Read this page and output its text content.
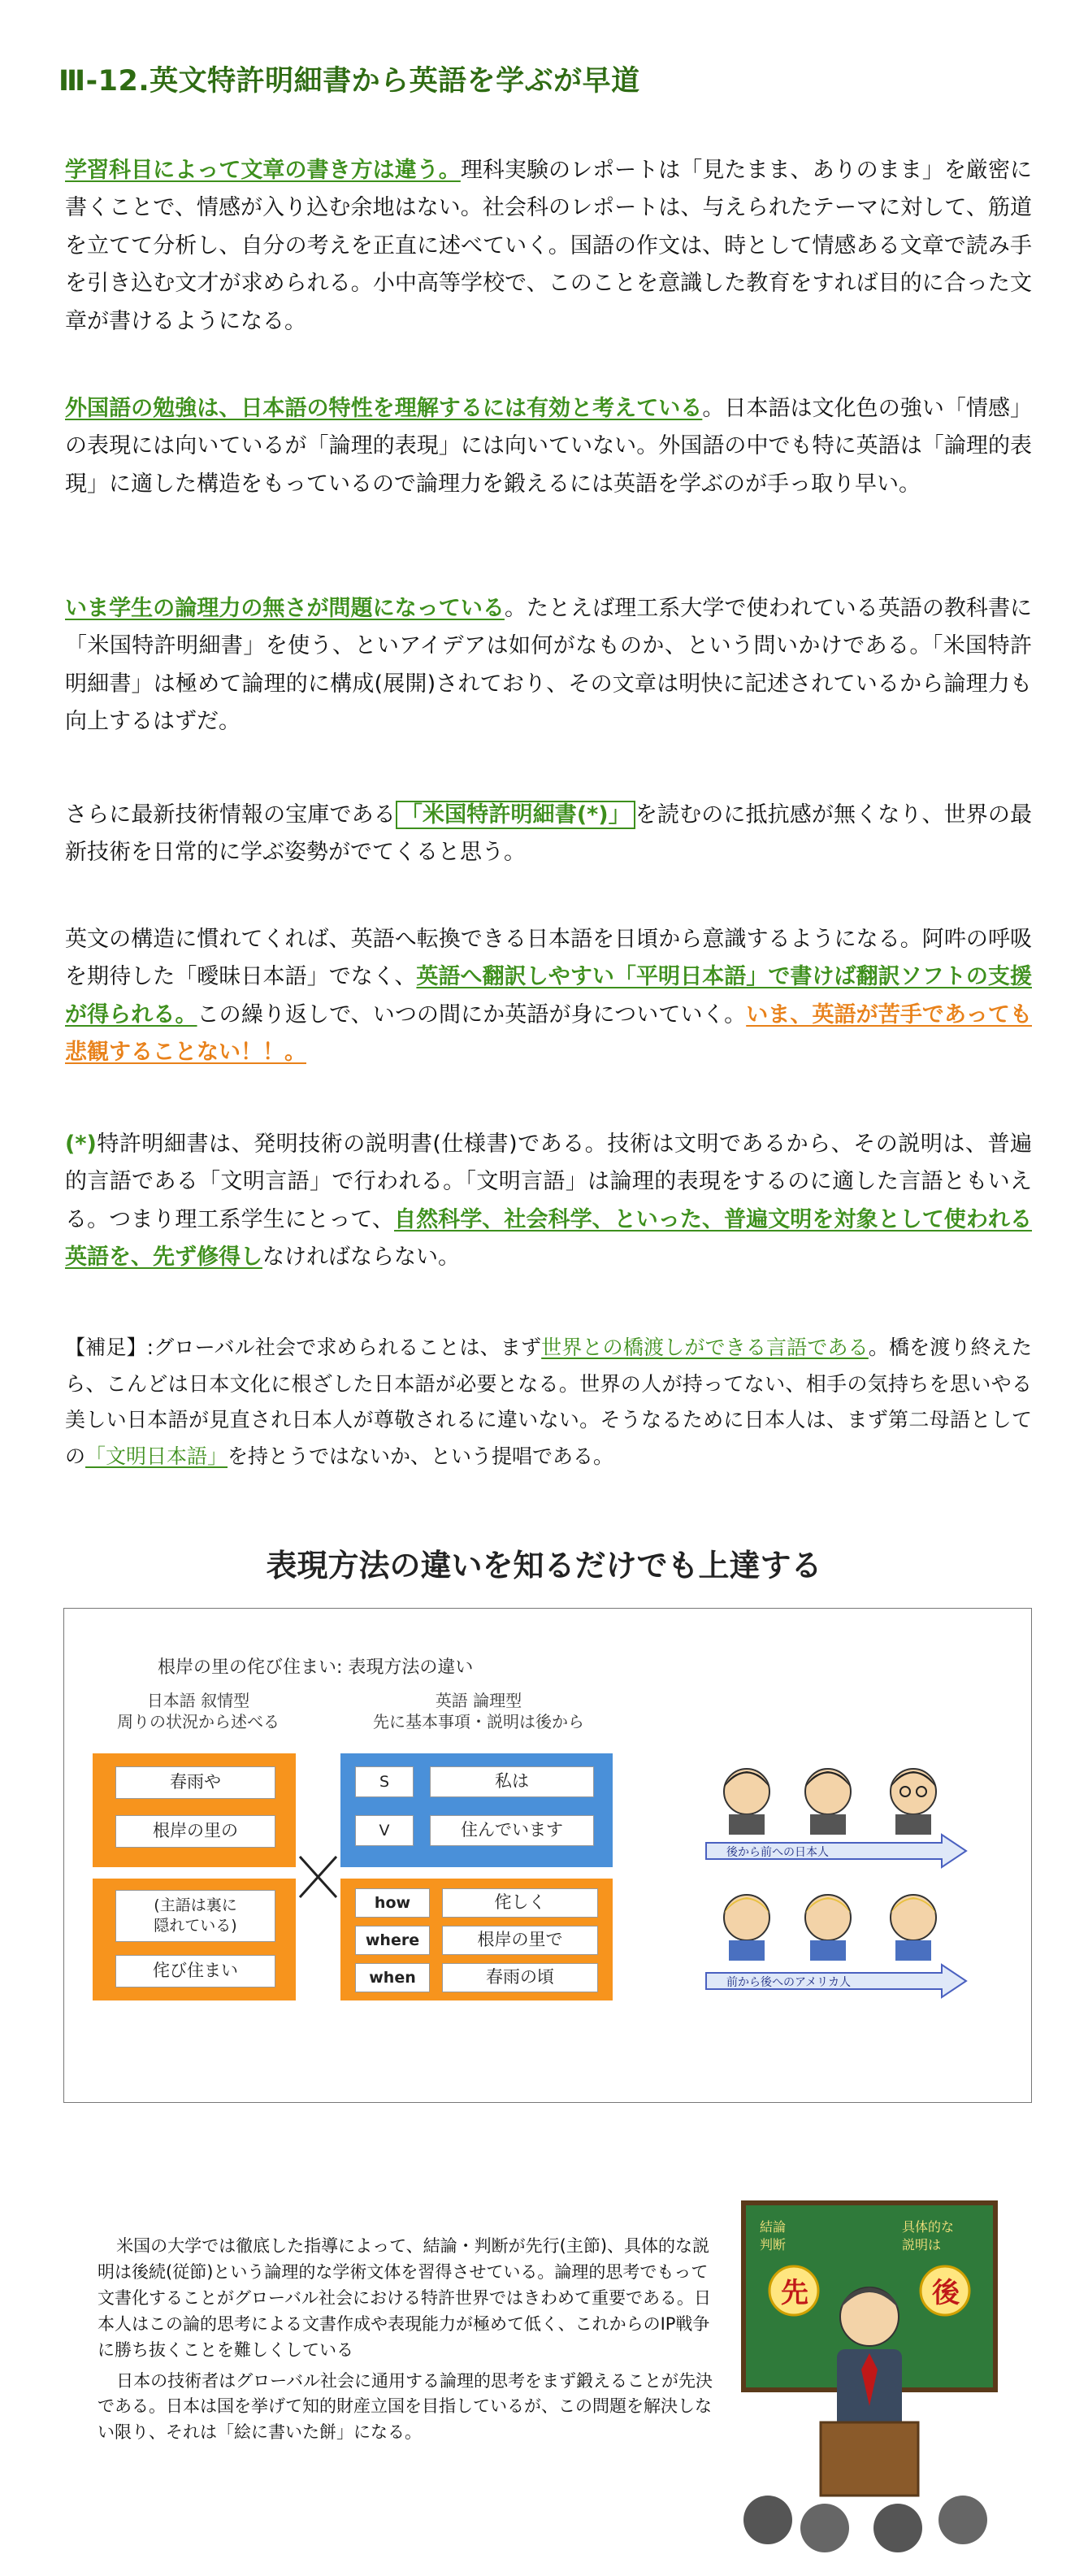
Ⅲ-12.英文特許明細書から英語を学ぶが早道

学習科目によって文章の書き方は違う。理科実験のレポートは「見たまま、ありのまま」を厳密に書くことで、情感が入り込む余地はない。社会科のレポートは、与えられたテーマに対して、筋道を立てて分析し、自分の考えを正直に述べていく。国語の作文は、時として情感ある文章で読み手を引き込む文才が求められる。小中高等学校で、このことを意識した教育をすれば目的に合った文章が書けるようになる。

外国語の勉強は、日本語の特性を理解するには有効と考えている。日本語は文化色の強い「情感」の表現には向いているが「論理的表現」には向いていない。外国語の中でも特に英語は「論理的表現」に適した構造をもっているので論理力を鍛えるには英語を学ぶのが手っ取り早い。

いま学生の論理力の無さが問題になっている。たとえば理工系大学で使われている英語の教科書に「米国特許明細書」を使う、といアイデアは如何がなものか、という問いかけである。「米国特許明細書」は極めて論理的に構成(展開)されており、その文章は明快に記述されているから論理力も向上するはずだ。

さらに最新技術情報の宝庫である 「米国特許明細書(*)」 を読むのに抵抗感が無くなり、世界の最新技術を日常的に学ぶ姿勢がでてくると思う。

英文の構造に慣れてくれば、英語へ転換できる日本語を日頃から意識するようになる。阿吽の呼吸を期待した「曖昧日本語」でなく、英語へ翻訳しやすい「平明日本語」で書けば翻訳ソフトの支援が得られる。この繰り返しで、いつの間にか英語が身についていく。いま、英語が苦手であっても悲観することない！！。

(*)特許明細書は、発明技術の説明書(仕様書)である。技術は文明であるから、その説明は、普遍的言語である「文明言語」で行われる。「文明言語」は論理的表現をするのに適した言語ともいえる。つまり理工系学生にとって、自然科学、社会科学、といった、普遍文明を対象として使われる英語を、先ず修得しなければならない。

【補足】:グローバル社会で求められることは、まず世界との橋渡しができる言語である。橋を渡り終えたら、こんどは日本文化に根ざした日本語が必要となる。世界の人が持ってない、相手の気持ちを思いやる美しい日本語が見直され日本人が尊敬されるに違いない。そうなるために日本人は、まず第二母語としての「文明日本語」を持とうではないか、という提唱である。

表現方法の違いを知るだけでも上達する
根岸の里の侘び住まい: 表現方法の違い
日本語 叙情型
周りの状況から述べる
英語 論理型
先に基本事項・説明は後から
春雨や
根岸の里の
(主語は裏に
隠れている)
侘び住まい
S	私は
V	住んでいます
how	侘しく
where	根岸の里で
when	春雨の頃
後から前への日本人
前から後へのアメリカ人

米国の大学では徹底した指導によって、結論・判断が先行(主節)、具体的な説明は後続(従節)という論理的な学術文体を習得させている。論理的思考でもって文書化することがグローバル社会における特許世界ではきわめて重要である。日本人はこの論的思考による文書作成や表現能力が極めて低く、これからのIP戦争に勝ち抜くことを難しくしている

日本の技術者はグローバル社会に通用する論理的思考をまず鍛えることが先決である。日本は国を挙げて知的財産立国を目指しているが、この問題を解決しない限り、それは「絵に書いた餅」になる。

結論
判断
具体的な
説明は
先	後
